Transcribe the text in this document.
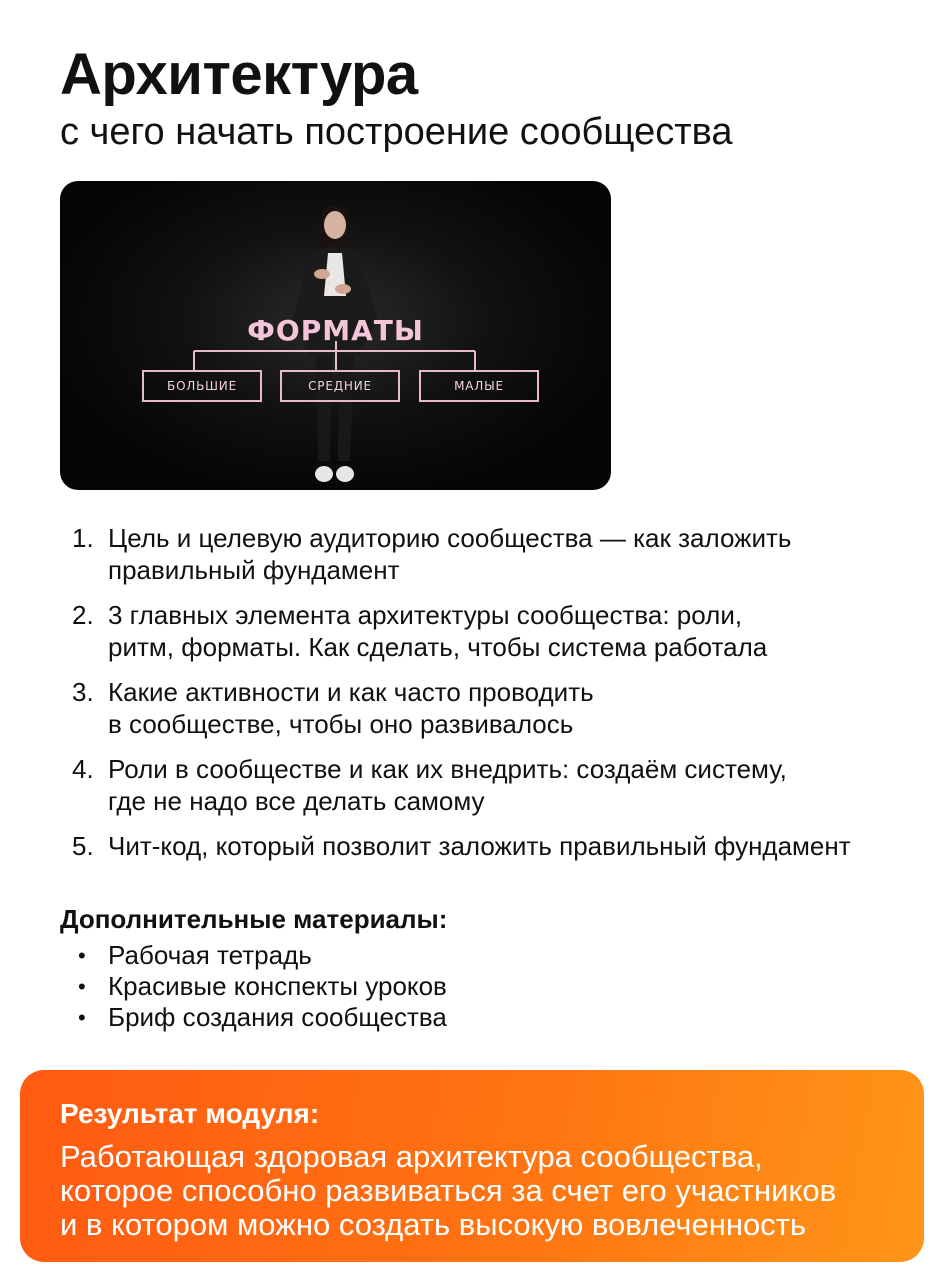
Архитектура
с чего начать построение сообщества
ФОРМАТЫ
БОЛЬШИЕ	СРЕДНИЕ	МАЛЫЕ
1. Цель и целевую аудиторию сообщества — как заложить
правильный фундамент
2. 3 главных элемента архитектуры сообщества: роли,
ритм, форматы. Как сделать, чтобы система работала
3. Какие активности и как часто проводить
в сообществе, чтобы оно развивалось
4. Роли в сообществе и как их внедрить: создаём систему,
где не надо все делать самому
5. Чит-код, который позволит заложить правильный фундамент
Дополнительные материалы:
• Рабочая тетрадь
• Красивые конспекты уроков
• Бриф создания сообщества
Результат модуля:

Работающая здоровая архитектура сообщества,
которое способно развиваться за счет его участников
и в котором можно создать высокую вовлеченность
